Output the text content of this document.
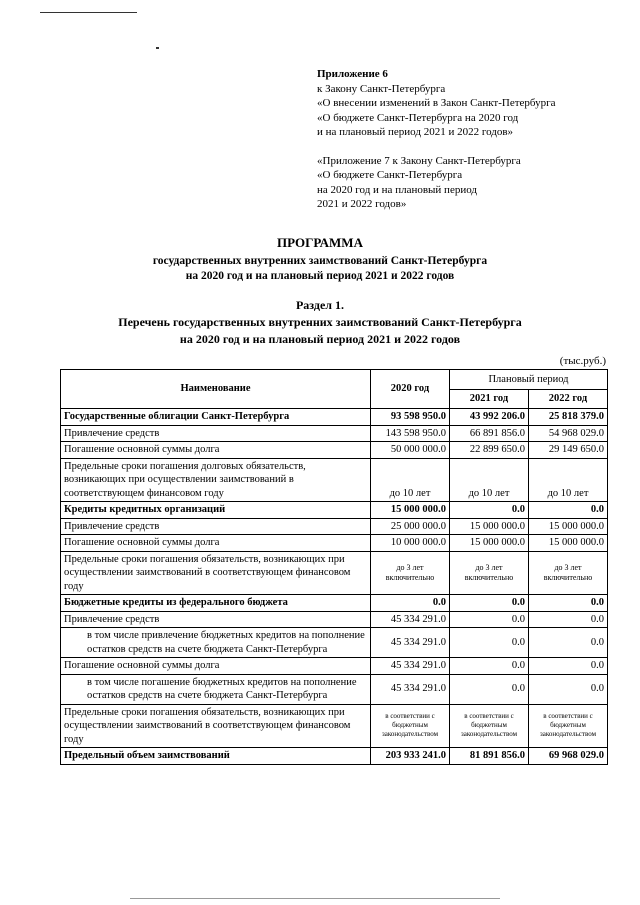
Приложение 6
к Закону Санкт-Петербурга
«О внесении изменений в Закон Санкт-Петербурга
«О бюджете Санкт-Петербурга на 2020 год
и на плановый период 2021 и 2022 годов»
«Приложение 7 к Закону Санкт-Петербурга
«О бюджете Санкт-Петербурга
на 2020 год и на плановый период
2021 и 2022 годов»
ПРОГРАММА
государственных внутренних заимствований Санкт-Петербурга
на 2020 год и на плановый период 2021 и 2022 годов
Раздел 1.
Перечень государственных внутренних заимствований Санкт-Петербурга
на 2020 год и на плановый период 2021 и 2022 годов
(тыс.руб.)
Наименование	2020 год	Плановый период	
		2021 год	2022 год
Государственные облигации Санкт-Петербурга	93 598 950.0	43 992 206.0	25 818 379.0
Привлечение средств	143 598 950.0	66 891 856.0	54 968 029.0
Погашение основной суммы долга	50 000 000.0	22 899 650.0	29 149 650.0
Предельные сроки погашения долговых обязательств, возникающих при осуществлении заимствований в соответствующем финансовом году	до 10 лет	до 10 лет	до 10 лет
Кредиты кредитных организаций	15 000 000.0	0.0	0.0
Привлечение средств	25 000 000.0	15 000 000.0	15 000 000.0
Погашение основной суммы долга	10 000 000.0	15 000 000.0	15 000 000.0
Предельные сроки погашения обязательств, возникающих при осуществлении заимствований в соответствующем финансовом году	до 3 лет включительно	до 3 лет включительно	до 3 лет включительно
Бюджетные кредиты из федерального бюджета	0.0	0.0	0.0
Привлечение средств	45 334 291.0	0.0	0.0
в том числе привлечение бюджетных кредитов на пополнение остатков средств на счете бюджета Санкт-Петербурга	45 334 291.0	0.0	0.0
Погашение основной суммы долга	45 334 291.0	0.0	0.0
в том числе погашение бюджетных кредитов на пополнение остатков средств на счете бюджета Санкт-Петербурга	45 334 291.0	0.0	0.0
Предельные сроки погашения обязательств, возникающих при осуществлении заимствований в соответствующем финансовом году	в соответствии с бюджетным законодательством	в соответствии с бюджетным законодательством	в соответствии с бюджетным законодательством
Предельный объем заимствований	203 933 241.0	81 891 856.0	69 968 029.0
